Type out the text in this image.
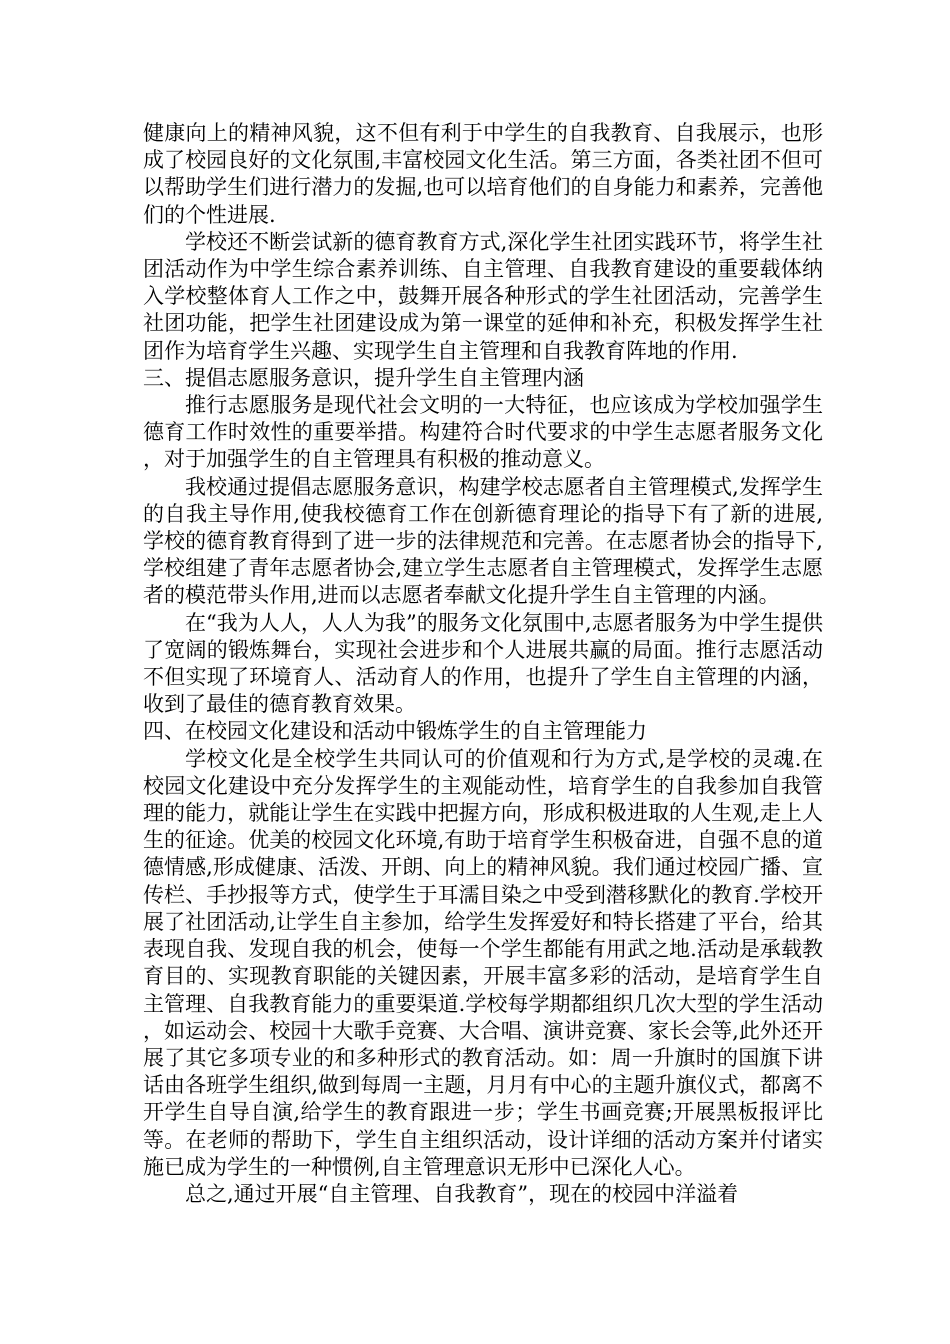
健康向上的精神风貌，这不但有利于中学生的自我教育、自我展示，也形成了校园良好的文化氛围,丰富校园文化生活。第三方面，各类社团不但可以帮助学生们进行潜力的发掘,也可以培育他们的自身能力和素养，完善他们的个性进展.

学校还不断尝试新的德育教育方式,深化学生社团实践环节，将学生社团活动作为中学生综合素养训练、自主管理、自我教育建设的重要载体纳入学校整体育人工作之中，鼓舞开展各种形式的学生社团活动，完善学生社团功能，把学生社团建设成为第一课堂的延伸和补充，积极发挥学生社团作为培育学生兴趣、实现学生自主管理和自我教育阵地的作用.

三、提倡志愿服务意识，提升学生自主管理内涵

推行志愿服务是现代社会文明的一大特征，也应该成为学校加强学生德育工作时效性的重要举措。构建符合时代要求的中学生志愿者服务文化，对于加强学生的自主管理具有积极的推动意义。

我校通过提倡志愿服务意识，构建学校志愿者自主管理模式,发挥学生的自我主导作用,使我校德育工作在创新德育理论的指导下有了新的进展,学校的德育教育得到了进一步的法律规范和完善。在志愿者协会的指导下,学校组建了青年志愿者协会,建立学生志愿者自主管理模式，发挥学生志愿者的模范带头作用,进而以志愿者奉献文化提升学生自主管理的内涵。

在“我为人人，人人为我”的服务文化氛围中,志愿者服务为中学生提供了宽阔的锻炼舞台，实现社会进步和个人进展共赢的局面。推行志愿活动不但实现了环境育人、活动育人的作用，也提升了学生自主管理的内涵，收到了最佳的德育教育效果。

四、在校园文化建设和活动中锻炼学生的自主管理能力

学校文化是全校学生共同认可的价值观和行为方式,是学校的灵魂.在校园文化建设中充分发挥学生的主观能动性，培育学生的自我参加自我管理的能力，就能让学生在实践中把握方向，形成积极进取的人生观,走上人生的征途。优美的校园文化环境,有助于培育学生积极奋进，自强不息的道德情感,形成健康、活泼、开朗、向上的精神风貌。我们通过校园广播、宣传栏、手抄报等方式，使学生于耳濡目染之中受到潜移默化的教育.学校开展了社团活动,让学生自主参加，给学生发挥爱好和特长搭建了平台，给其表现自我、发现自我的机会，使每一个学生都能有用武之地.活动是承载教育目的、实现教育职能的关键因素，开展丰富多彩的活动，是培育学生自主管理、自我教育能力的重要渠道.学校每学期都组织几次大型的学生活动，如运动会、校园十大歌手竞赛、大合唱、演讲竞赛、家长会等,此外还开展了其它多项专业的和多种形式的教育活动。如：周一升旗时的国旗下讲话由各班学生组织,做到每周一主题，月月有中心的主题升旗仪式，都离不开学生自导自演,给学生的教育跟进一步；学生书画竞赛;开展黑板报评比等。在老师的帮助下，学生自主组织活动，设计详细的活动方案并付诸实施已成为学生的一种惯例,自主管理意识无形中已深化人心。

总之,通过开展“自主管理、自我教育”，现在的校园中洋溢着
